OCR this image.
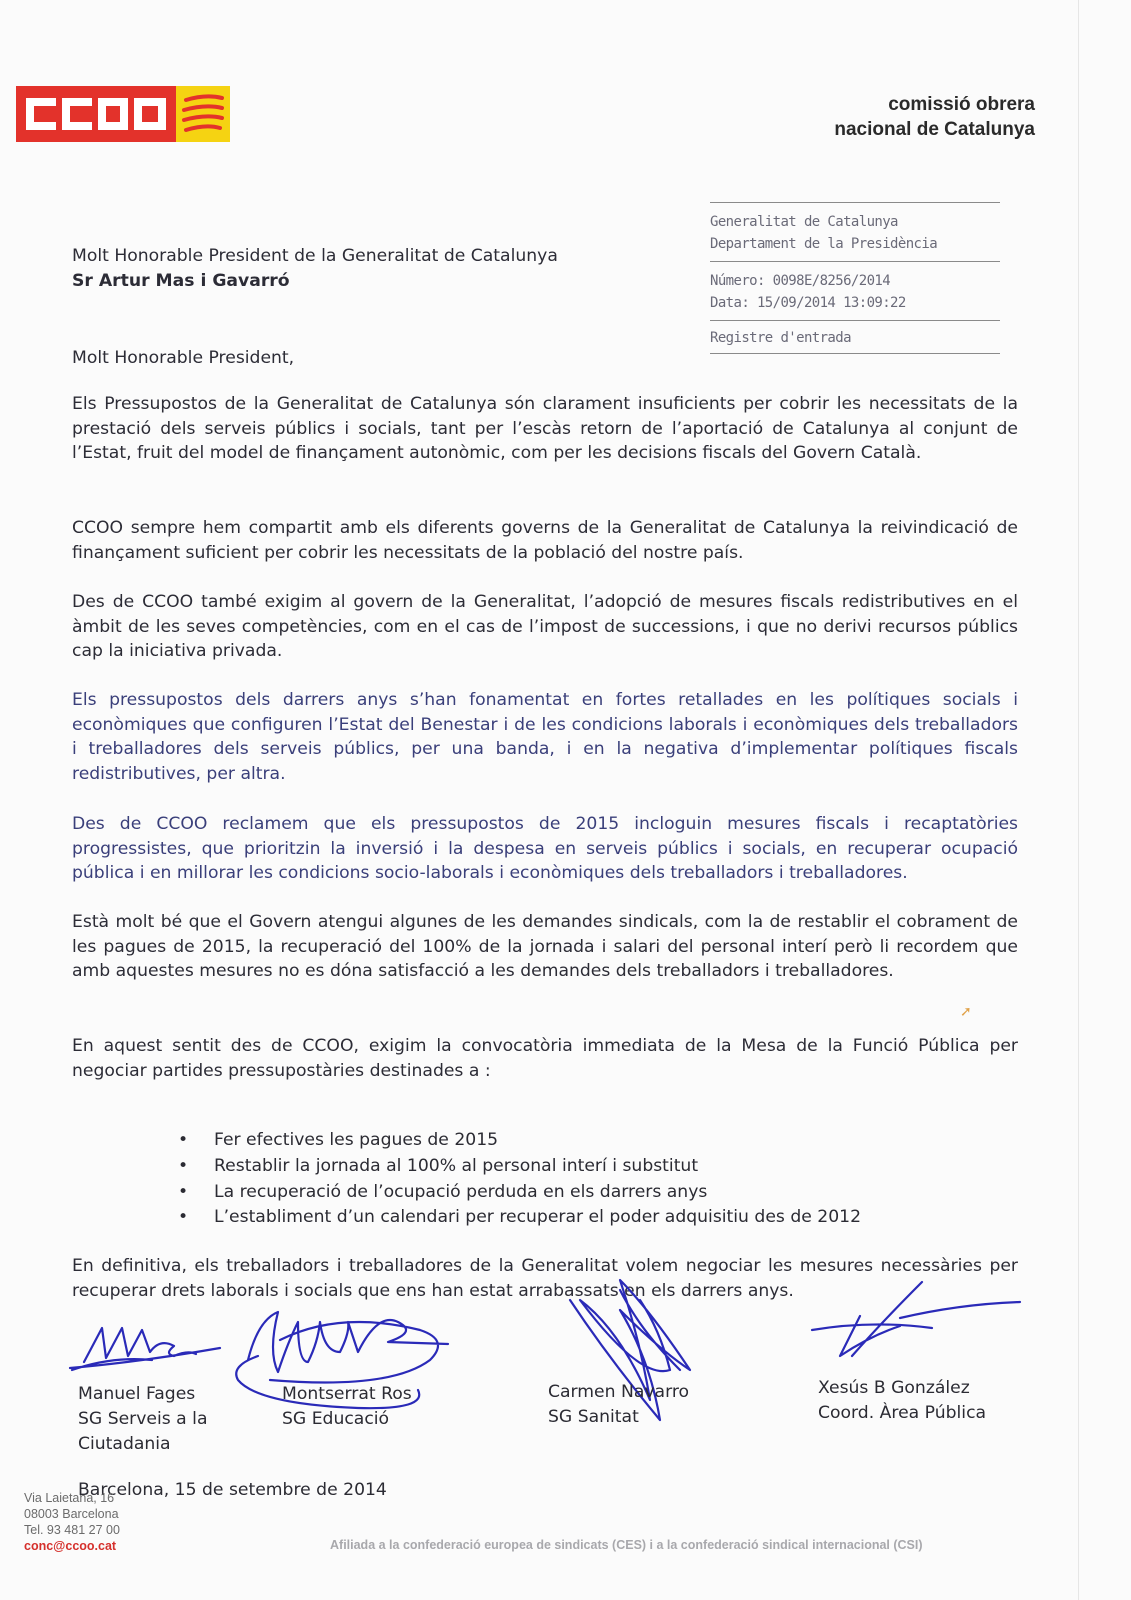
comissió obrera
nacional de Catalunya
Generalitat de Catalunya
Departament de la Presidència
Número: 0098E/8256/2014
Data: 15/09/2014 13:09:22
Registre d'entrada
Molt Honorable President de la Generalitat de Catalunya
Sr Artur Mas i Gavarró
Molt Honorable President,
Els Pressupostos de la Generalitat de Catalunya són clarament insuficients per cobrir les necessitats de la prestació dels serveis públics i socials, tant per l’escàs retorn de l’aportació de Catalunya al conjunt de l’Estat, fruit del model de finançament autonòmic, com per les decisions fiscals del Govern Català.
CCOO sempre hem compartit amb els diferents governs de la Generalitat de Catalunya la reivindicació de finançament suficient per cobrir les necessitats de la població del nostre país.
Des de CCOO també exigim al govern de la Generalitat, l’adopció de mesures fiscals redistributives en el àmbit de les seves competències, com en el cas de l’impost de successions, i que no derivi recursos públics cap la iniciativa privada.
Els pressupostos dels darrers anys s’han fonamentat en fortes retallades en les polítiques socials i econòmiques que configuren l’Estat del Benestar i de les condicions laborals i econòmiques dels treballadors i treballadores dels serveis públics, per una banda, i en la negativa d’implementar polítiques fiscals redistributives, per altra.
Des de CCOO reclamem que els pressupostos de 2015 incloguin mesures fiscals i recaptatòries progressistes, que prioritzin la inversió i la despesa en serveis públics i socials, en recuperar ocupació pública i en millorar les condicions socio-laborals i econòmiques dels treballadors i treballadores.
Està molt bé que el Govern atengui algunes de les demandes sindicals, com la de restablir el cobrament de les pagues de 2015, la recuperació del 100% de la jornada i salari del personal interí però li recordem que amb aquestes mesures no es dóna satisfacció a les demandes dels treballadors i treballadores.
➚
En aquest sentit des de CCOO, exigim la convocatòria immediata de la Mesa de la Funció Pública per negociar partides pressupostàries destinades a :
• Fer efectives les pagues de 2015
• Restablir la jornada al 100% al personal interí i substitut
• La recuperació de l’ocupació perduda en els darrers anys
• L’establiment d’un calendari per recuperar el poder adquisitiu des de 2012
En definitiva, els treballadors i treballadores de la Generalitat volem negociar les mesures necessàries per recuperar drets laborals i socials que ens han estat arrabassats en els darrers anys.
Manuel Fages
SG Serveis a la
Ciutadania
Montserrat Ros
SG Educació
Carmen Navarro
SG Sanitat
Xesús B González
Coord. Àrea Pública
Barcelona, 15 de setembre de 2014
Via Laietana, 16
08003 Barcelona
Tel. 93 481 27 00
conc@ccoo.cat	Afiliada a la confederació europea de sindicats (CES) i a la confederació sindical internacional (CSI)
